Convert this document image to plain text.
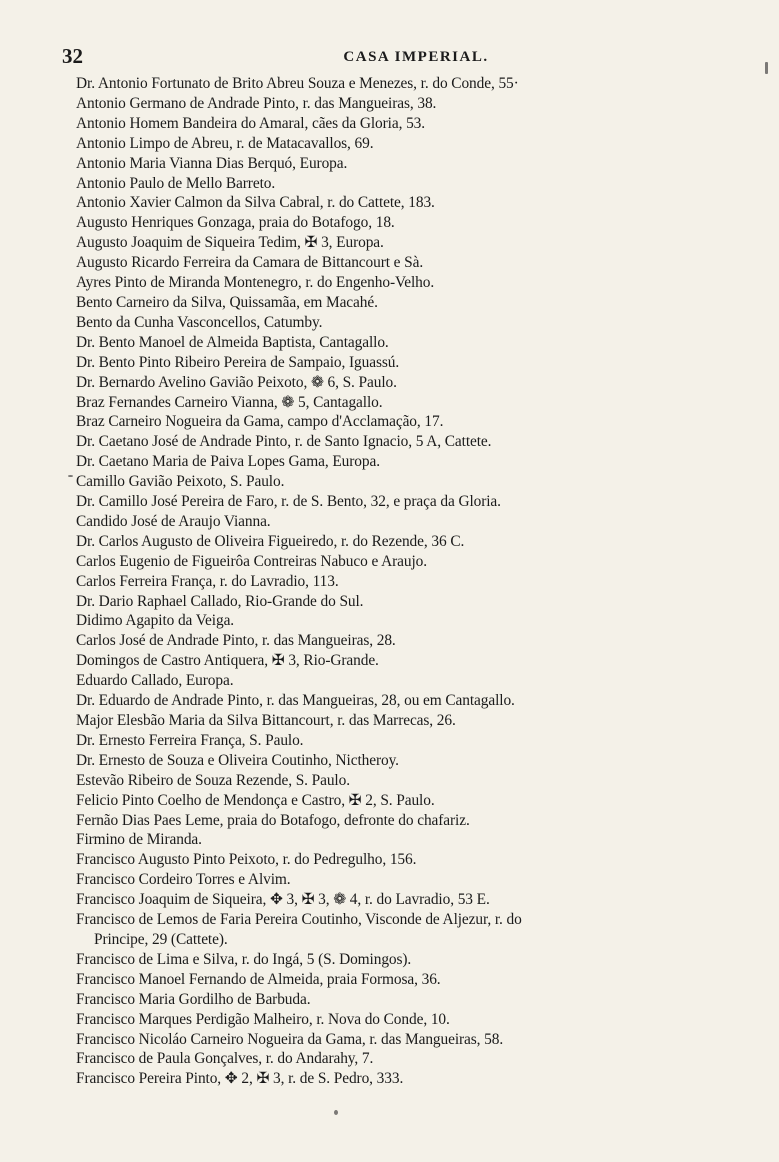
32	CASA IMPERIAL.
Dr. Antonio Fortunato de Brito Abreu Souza e Menezes, r. do Conde, 55·
Antonio Germano de Andrade Pinto, r. das Mangueiras, 38.
Antonio Homem Bandeira do Amaral, cães da Gloria, 53.
Antonio Limpo de Abreu, r. de Matacavallos, 69.
Antonio Maria Vianna Dias Berquó, Europa.
Antonio Paulo de Mello Barreto.
Antonio Xavier Calmon da Silva Cabral, r. do Cattete, 183.
Augusto Henriques Gonzaga, praia do Botafogo, 18.
Augusto Joaquim de Siqueira Tedim, ✠ 3, Europa.
Augusto Ricardo Ferreira da Camara de Bittancourt e Sà.
Ayres Pinto de Miranda Montenegro, r. do Engenho-Velho.
Bento Carneiro da Silva, Quissamãa, em Macahé.
Bento da Cunha Vasconcellos, Catumby.
Dr. Bento Manoel de Almeida Baptista, Cantagallo.
Dr. Bento Pinto Ribeiro Pereira de Sampaio, Iguassú.
Dr. Bernardo Avelino Gavião Peixoto, ❁ 6, S. Paulo.
Braz Fernandes Carneiro Vianna, ❁ 5, Cantagallo.
Braz Carneiro Nogueira da Gama, campo d'Acclamação, 17.
Dr. Caetano José de Andrade Pinto, r. de Santo Ignacio, 5 A, Cattete.
Dr. Caetano Maria de Paiva Lopes Gama, Europa.
Camillo Gavião Peixoto, S. Paulo.
Dr. Camillo José Pereira de Faro, r. de S. Bento, 32, e praça da Gloria.
Candido José de Araujo Vianna.
Dr. Carlos Augusto de Oliveira Figueiredo, r. do Rezende, 36 C.
Carlos Eugenio de Figueirôa Contreiras Nabuco e Araujo.
Carlos Ferreira França, r. do Lavradio, 113.
Dr. Dario Raphael Callado, Rio-Grande do Sul.
Didimo Agapito da Veiga.
Carlos José de Andrade Pinto, r. das Mangueiras, 28.
Domingos de Castro Antiquera, ✠ 3, Rio-Grande.
Eduardo Callado, Europa.
Dr. Eduardo de Andrade Pinto, r. das Mangueiras, 28, ou em Cantagallo.
Major Elesbão Maria da Silva Bittancourt, r. das Marrecas, 26.
Dr. Ernesto Ferreira França, S. Paulo.
Dr. Ernesto de Souza e Oliveira Coutinho, Nictheroy.
Estevão Ribeiro de Souza Rezende, S. Paulo.
Felicio Pinto Coelho de Mendonça e Castro, ✠ 2, S. Paulo.
Fernão Dias Paes Leme, praia do Botafogo, defronte do chafariz.
Firmino de Miranda.
Francisco Augusto Pinto Peixoto, r. do Pedregulho, 156.
Francisco Cordeiro Torres e Alvim.
Francisco Joaquim de Siqueira, ✥ 3, ✠ 3, ❁ 4, r. do Lavradio, 53 E.
Francisco de Lemos de Faria Pereira Coutinho, Visconde de Aljezur, r. do
Principe, 29 (Cattete).
Francisco de Lima e Silva, r. do Ingá, 5 (S. Domingos).
Francisco Manoel Fernando de Almeida, praia Formosa, 36.
Francisco Maria Gordilho de Barbuda.
Francisco Marques Perdigão Malheiro, r. Nova do Conde, 10.
Francisco Nicoláo Carneiro Nogueira da Gama, r. das Mangueiras, 58.
Francisco de Paula Gonçalves, r. do Andarahy, 7.
Francisco Pereira Pinto, ✥ 2, ✠ 3, r. de S. Pedro, 333.
